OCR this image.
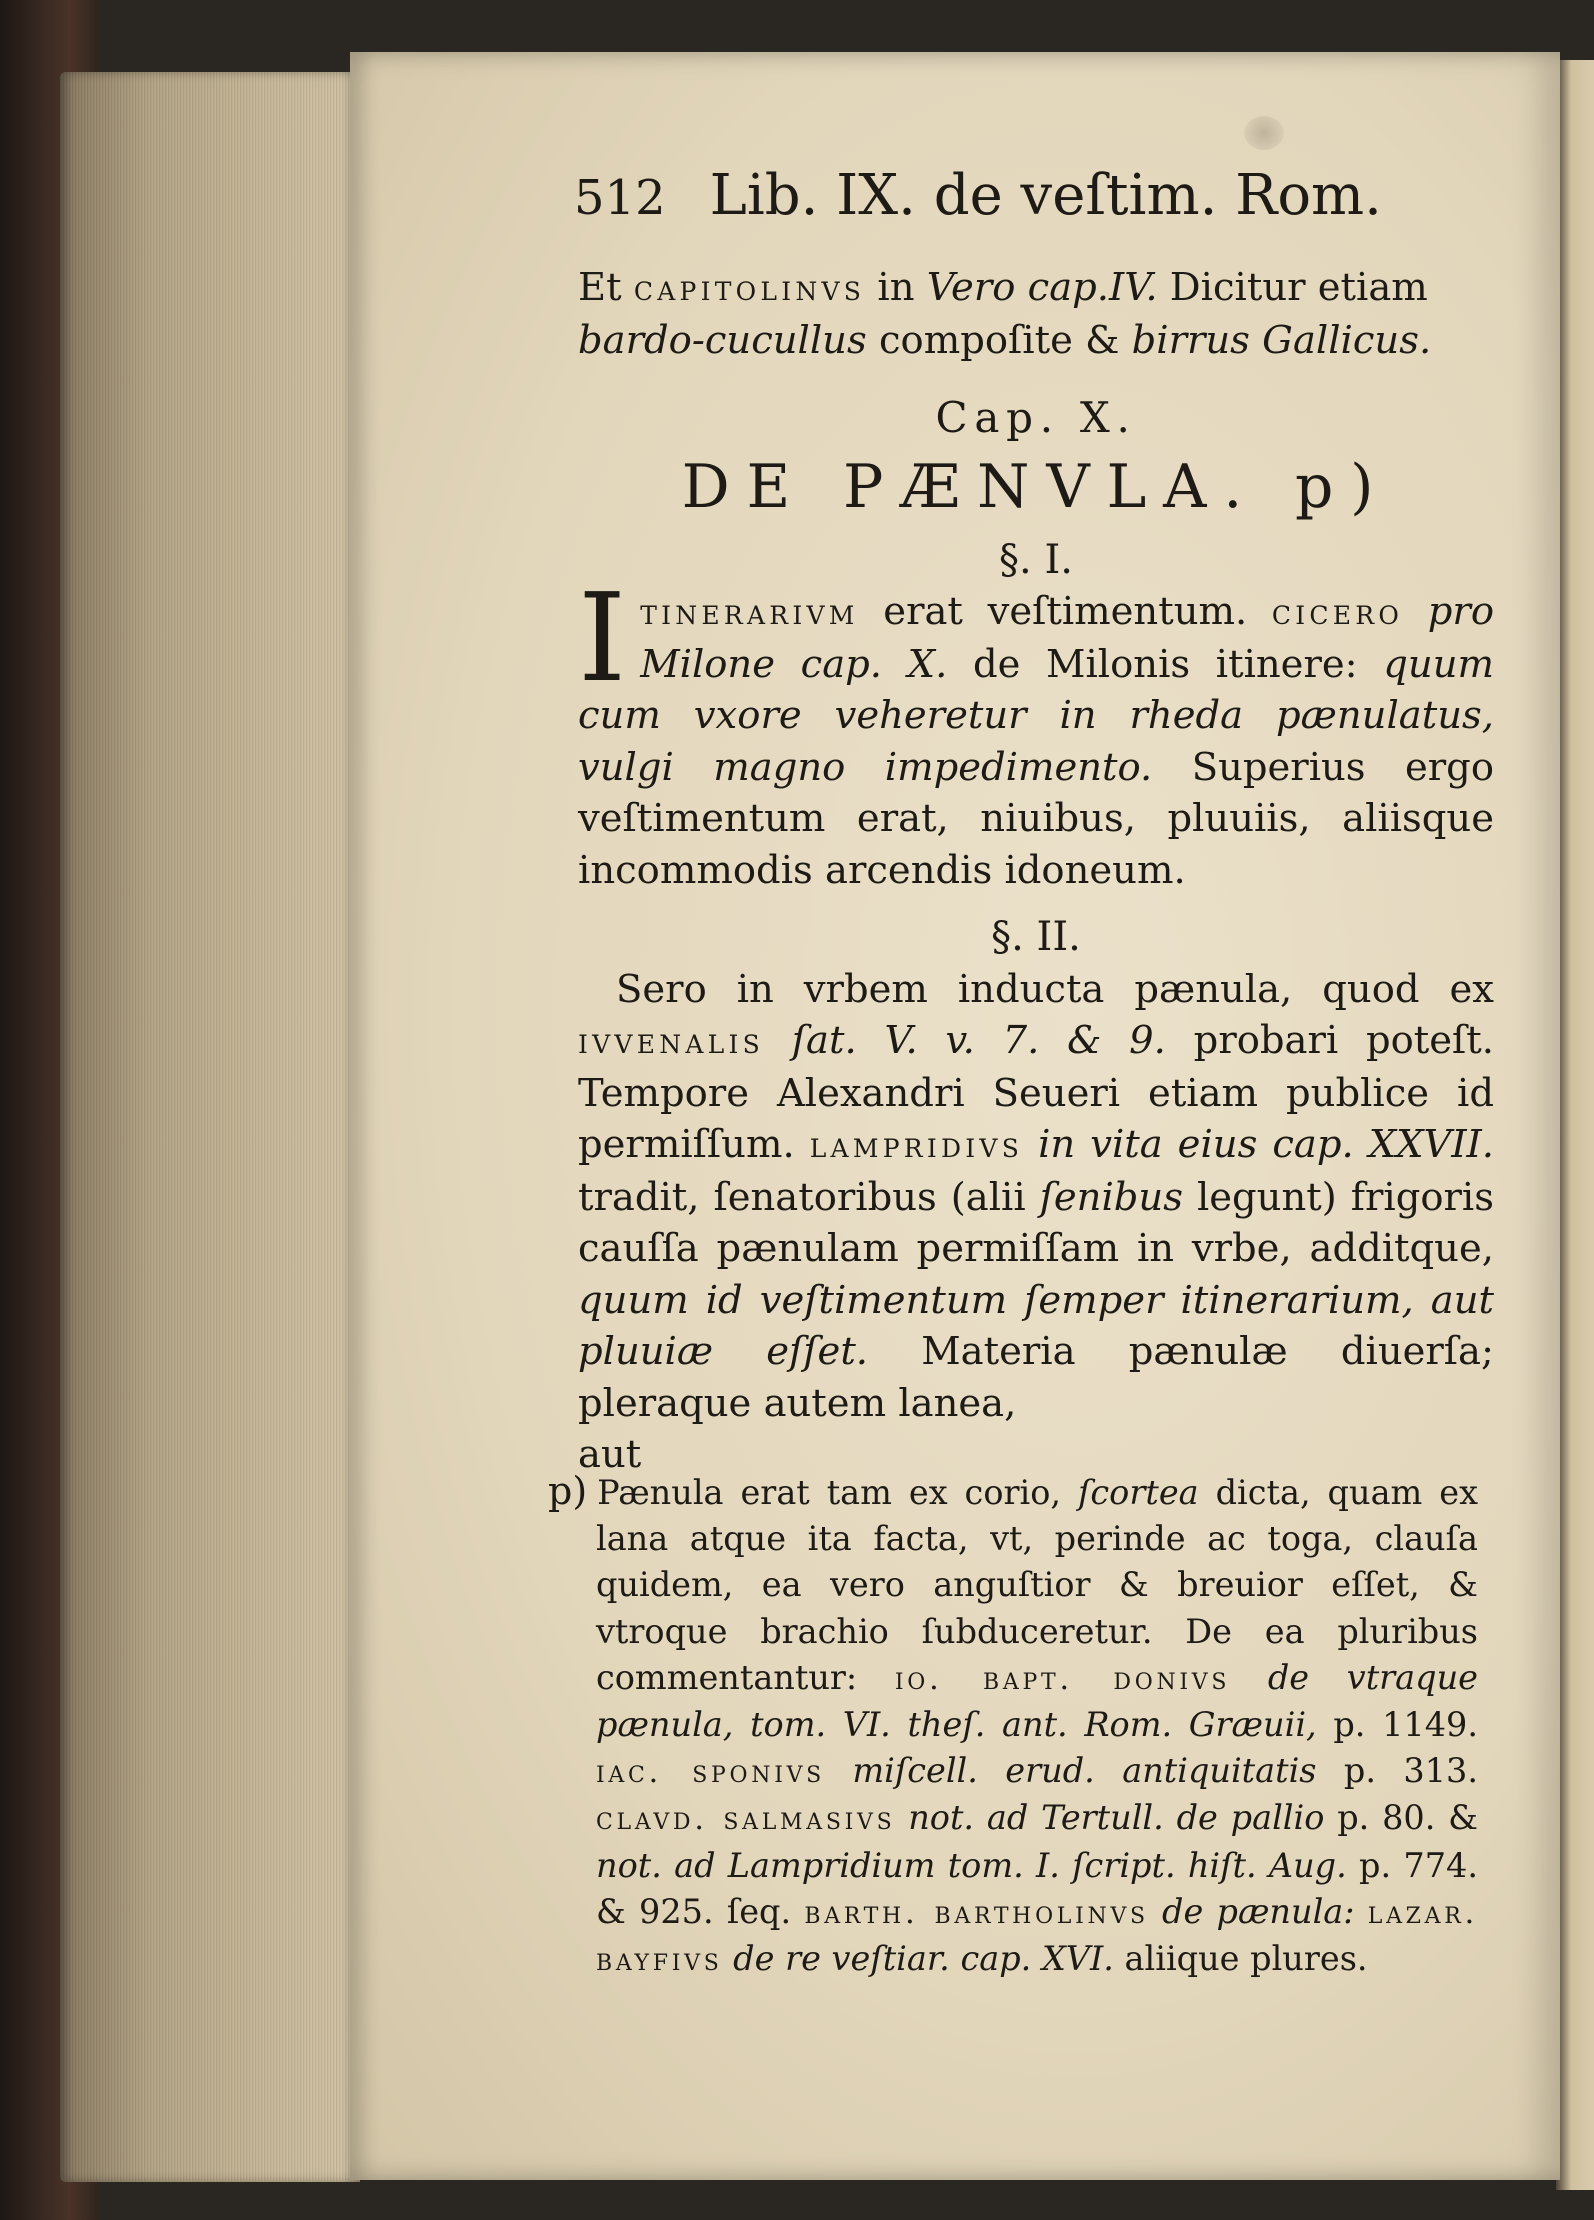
512 Lib. IX. de veſtim. Rom.

Et capitolinvs in Vero cap.IV. Dicitur etiam bardo-cucullus compoſite & birrus Gallicus.

Cap. X.
DE PÆNVLA. p)
§. I.

Itinerarivm erat veſtimentum. cicero pro Milone cap. X. de Milonis itinere: quum cum vxore veheretur in rheda pænulatus, vulgi magno impedimento. Superius ergo veſtimentum erat, niuibus, pluuiis, aliisque incommodis arcendis idoneum.

§. II.

Sero in vrbem inducta pænula, quod ex ivvenalis ſat. V. v. 7. & 9. probari poteſt. Tempore Alexandri Seueri etiam publice id permiſſum. lampridivs in vita eius cap. XXVII. tradit, ſenatoribus (alii ſenibus legunt) frigoris cauſſa pænulam permiſſam in vrbe, additque, quum id veſtimentum ſemper itinerarium, aut pluuiæ eſſet. Materia pænulæ diuerſa; pleraque autem lanea,

aut

p) Pænula erat tam ex corio, ſcortea dicta, quam ex lana atque ita facta, vt, perinde ac toga, clauſa quidem, ea vero anguſtior & breuior eſſet, & vtroque brachio ſubduceretur. De ea pluribus commentantur: io. bapt. donivs de vtraque pænula, tom. VI. theſ. ant. Rom. Græuii, p. 1149. iac. sponivs miſcell. erud. antiquitatis p. 313. clavd. salmasivs not. ad Tertull. de pallio p. 80. & not. ad Lampridium tom. I. ſcript. hiſt. Aug. p. 774. & 925. ſeq. barth. bartholinvs de pænula: lazar. bayfivs de re veſtiar. cap. XVI. aliique plures.
